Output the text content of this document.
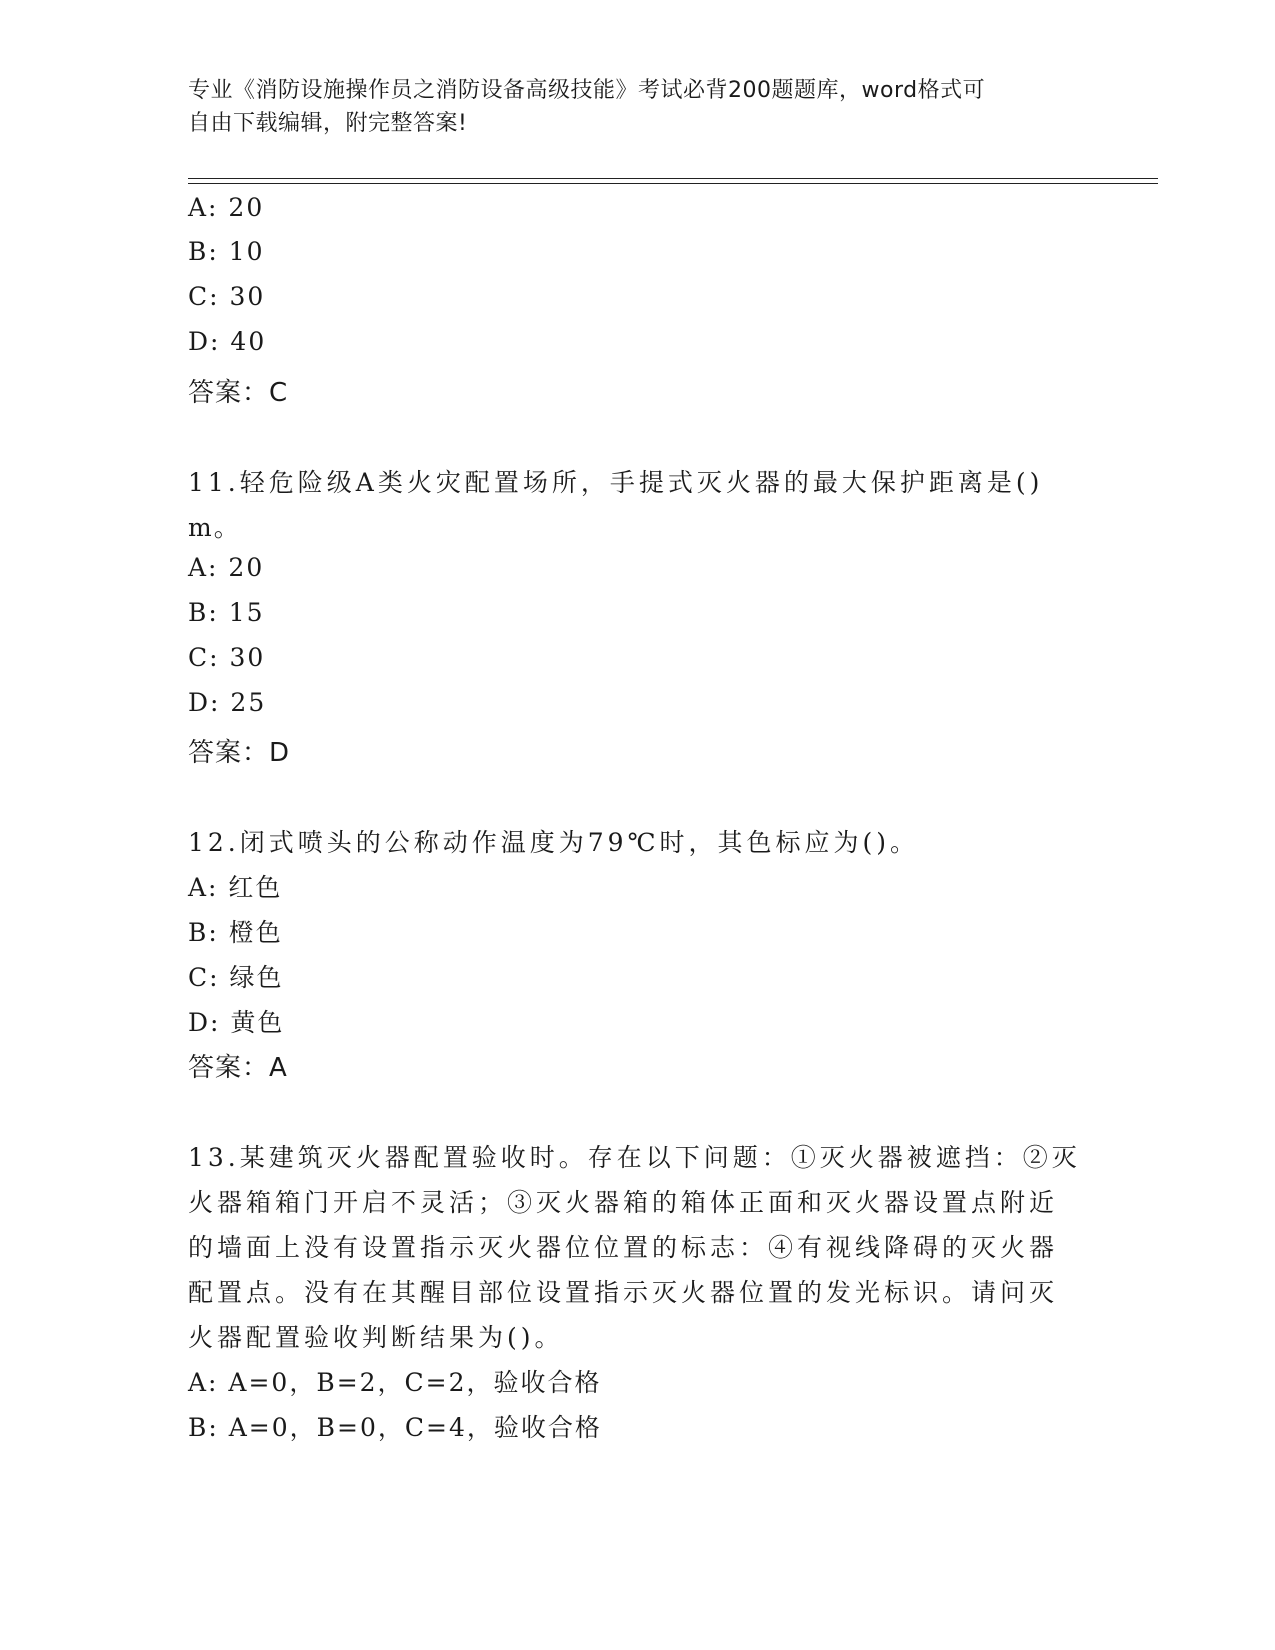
专业《消防设施操作员之消防设备高级技能》考试必背200题题库，word格式可
自由下载编辑，附完整答案!
A: 20
B: 10
C: 30
D: 40
答案：C
11.轻危险级A类火灾配置场所，手提式灭火器的最大保护距离是()
m。
A: 20
B: 15
C: 30
D: 25
答案：D
12.闭式喷头的公称动作温度为79℃时，其色标应为()。
A: 红色
B: 橙色
C: 绿色
D: 黄色
答案：A
13.某建筑灭火器配置验收时。存在以下问题：①灭火器被遮挡：②灭
火器箱箱门开启不灵活；③灭火器箱的箱体正面和灭火器设置点附近
的墙面上没有设置指示灭火器位位置的标志：④有视线降碍的灭火器
配置点。没有在其醒目部位设置指示灭火器位置的发光标识。请问灭
火器配置验收判断结果为()。
A: A=0，B=2，C=2，验收合格
B: A=0，B=0，C=4，验收合格
